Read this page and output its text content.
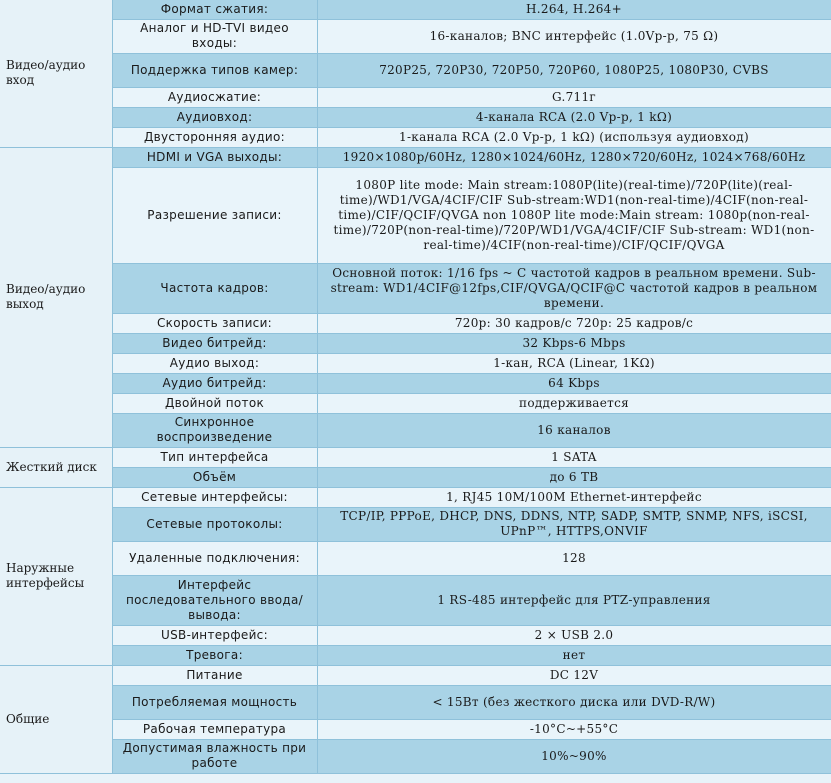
Видео/аудио вход	Формат сжатия:	H.264, H.264+
	Аналог и HD-TVI видео входы:	16-каналов; BNC интерфейс (1.0Vp-p, 75 Ω)
	Поддержка типов камер:	720P25, 720P30, 720P50, 720P60, 1080P25, 1080P30, CVBS
	Аудиосжатие:	G.711г
	Аудиовход:	4-канала RCA (2.0 Vp-p, 1 kΩ)
	Двусторонняя аудио:	1-канала RCA (2.0 Vp-p, 1 kΩ) (используя аудиовход)
Видео/аудио выход	HDMI и VGA выходы:	1920×1080p/60Hz, 1280×1024/60Hz, 1280×720/60Hz, 1024×768/60Hz
	Разрешение записи:	1080P lite mode: Main stream:1080P(lite)(real-time)/720P(lite)(real-time)/WD1/VGA/4CIF/CIF Sub-stream:WD1(non-real-time)/4CIF(non-real-time)/CIF/QCIF/QVGA non 1080P lite mode:Main stream: 1080p(non-real-time)/720P(non-real-time)/720P/WD1/VGA/4CIF/CIF Sub-stream: WD1(non-real-time)/4CIF(non-real-time)/CIF/QCIF/QVGA
	Частота кадров:	Основной поток: 1/16 fps ~ С частотой кадров в реальном времени. Sub-stream: WD1/4CIF@12fps,CIF/QVGA/QCIF@C частотой кадров в реальном времени.
	Скорость записи:	720p: 30 кадров/с 720p: 25 кадров/с
	Видео битрейд:	32 Kbps-6 Mbps
	Аудио выход:	1-кан, RCA (Linear, 1KΩ)
	Аудио битрейд:	64 Kbps
	Двойной поток	поддерживается
	Синхронное воспроизведение	16 каналов
Жесткий диск	Тип интерфейса	1 SATA
	Объём	до 6 TB
Наружные интерфейсы	Сетевые интерфейсы:	1, RJ45 10M/100M Ethernet-интерфейс
	Сетевые протоколы:	TCP/IP, PPPoE, DHCP, DNS, DDNS, NTP, SADP, SMTP, SNMP, NFS, iSCSI, UPnP™, HTTPS,ONVIF
	Удаленные подключения:	128
	Интерфейс последовательного ввода/вывода:	1 RS-485 интерфейс для PTZ-управления
	USB-интерфейс:	2 × USB 2.0
	Тревога:	нет
Общие	Питание	DC 12V
	Потребляемая мощность	< 15Вт (без жесткого диска или DVD-R/W)
	Рабочая температура	-10°C~+55°C
	Допустимая влажность при работе	10%~90%
